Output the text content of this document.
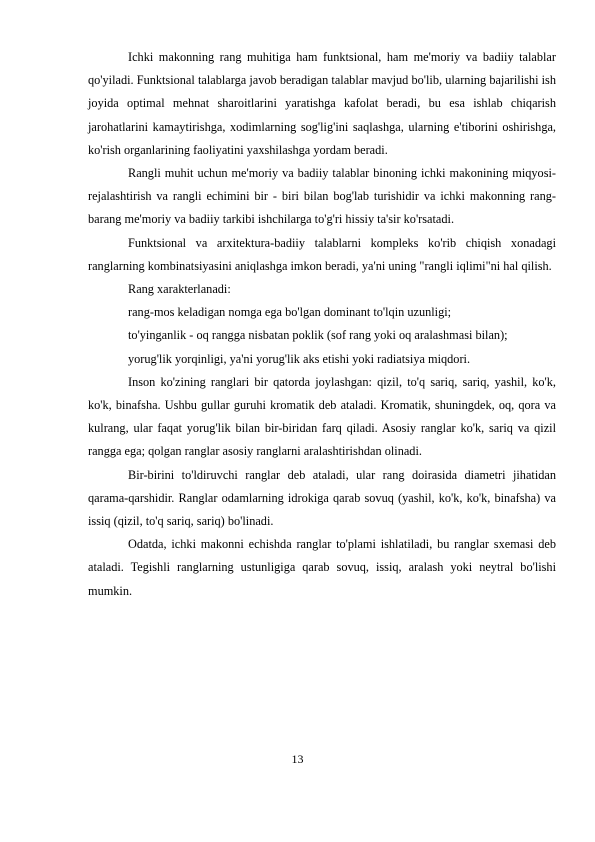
Ichki makonning rang muhitiga ham funktsional, ham me'moriy va badiiy talablar qo'yiladi. Funktsional talablarga javob beradigan talablar mavjud bo'lib, ularning bajarilishi ish joyida optimal mehnat sharoitlarini yaratishga kafolat beradi, bu esa ishlab chiqarish jarohatlarini kamaytirishga, xodimlarning sog'lig'ini saqlashga, ularning e'tiborini oshirishga, ko'rish organlarining faoliyatini yaxshilashga yordam beradi.

Rangli muhit uchun me'moriy va badiiy talablar binoning ichki makonining miqyosi-rejalashtirish va rangli echimini bir - biri bilan bog'lab turishidir va ichki makonning rang-barang me'moriy va badiiy tarkibi ishchilarga to'g'ri hissiy ta'sir ko'rsatadi.

Funktsional va arxitektura-badiiy talablarni kompleks ko'rib chiqish xonadagi ranglarning kombinatsiyasini aniqlashga imkon beradi, ya'ni uning "rangli iqlimi"ni hal qilish.

Rang xarakterlanadi:

rang-mos keladigan nomga ega bo'lgan dominant to'lqin uzunligi;

to'yinganlik - oq rangga nisbatan poklik (sof rang yoki oq aralashmasi bilan);

yorug'lik yorqinligi, ya'ni yorug'lik aks etishi yoki radiatsiya miqdori.

Inson ko'zining ranglari bir qatorda joylashgan: qizil, to'q sariq, sariq, yashil, ko'k, ko'k, binafsha. Ushbu gullar guruhi kromatik deb ataladi. Kromatik, shuningdek, oq, qora va kulrang, ular faqat yorug'lik bilan bir-biridan farq qiladi. Asosiy ranglar ko'k, sariq va qizil rangga ega; qolgan ranglar asosiy ranglarni aralashtirishdan olinadi.

Bir-birini to'ldiruvchi ranglar deb ataladi, ular rang doirasida diametri jihatidan qarama-qarshidir. Ranglar odamlarning idrokiga qarab sovuq (yashil, ko'k, ko'k, binafsha) va issiq (qizil, to'q sariq, sariq) bo'linadi.

Odatda, ichki makonni echishda ranglar to'plami ishlatiladi, bu ranglar sxemasi deb ataladi. Tegishli ranglarning ustunligiga qarab sovuq, issiq, aralash yoki neytral bo'lishi mumkin.

13
